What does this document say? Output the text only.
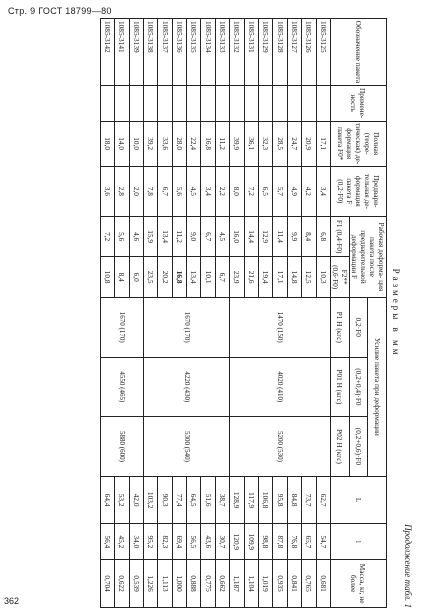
Стр. 9 ГОСТ 18799—80
362	Продолжение табл. 1
Размеры в мм
Обозначение пакета	Примене- ность	Полная (теоре- тическая) де- формация пакета F0*	Предвари- тельная де- формация пакета F (0,2·F0)	Рабочая деформа- ция пакета после предварительной деформации F		Усилие пакета при деформации			L	l	Масса, кг, не более
						0,2·F0	(0,2+0,4)·F0	(0,2+0,6)·F0			
				F1 (0,4·F0)	F2** (0,6·F0)	P1 Н (кгс)	P01 Н (кгс)	P02 Н (кгс)			
1085-3125		17,1	3,4	6,8	10,3	1470 (150)	4020 (410)	5200 (530)	62,7	54,7	0,681
1085-3126		20,9	4,2	8,4	12,5				73,7	65,7	0,765
1085-3127		24,7	4,9	9,9	14,8				84,8	76,8	0,841
1085-3128		28,5	5,7	11,4	17,1				95,8	87,8	0,935
1085-3129		32,3	6,5	12,9	19,4				106,8	98,8	1,019
1085-3131		36,1	7,2	14,4	21,6				117,9	109,9	1,104
1085-3132		39,9	8,0	16,0	23,9				128,9	120,9	1,187
1085-3133		11,2	2,2	4,5	6,7	1670 (170)	4220 (430)	5300 (540)	38,7	30,7	0,662
1085-3134		16,8	3,4	6,7	10,1				51,6	43,6	0,775
1085-3135		22,4	4,5	9,0	13,4				64,5	56,5	0,888
1085-3136		28,0	5,6	11,2	16,8				77,4	69,4	1,000
1085-3137		33,6	6,7	13,4	20,2				90,3	82,3	1,113
1085-3138		39,2	7,8	15,9	23,5				103,2	95,2	1,226
1085-3139		10,0	2,0	4,6	6,0	1670 (170)	4550 (465)	5880 (600)	42,0	34,0	0,539
1085-3141		14,0	2,8	5,6	8,4				53,2	45,2	0,622
1085-3142		18,0	3,6	7,2	10,8				64,4	56,4	0,704
